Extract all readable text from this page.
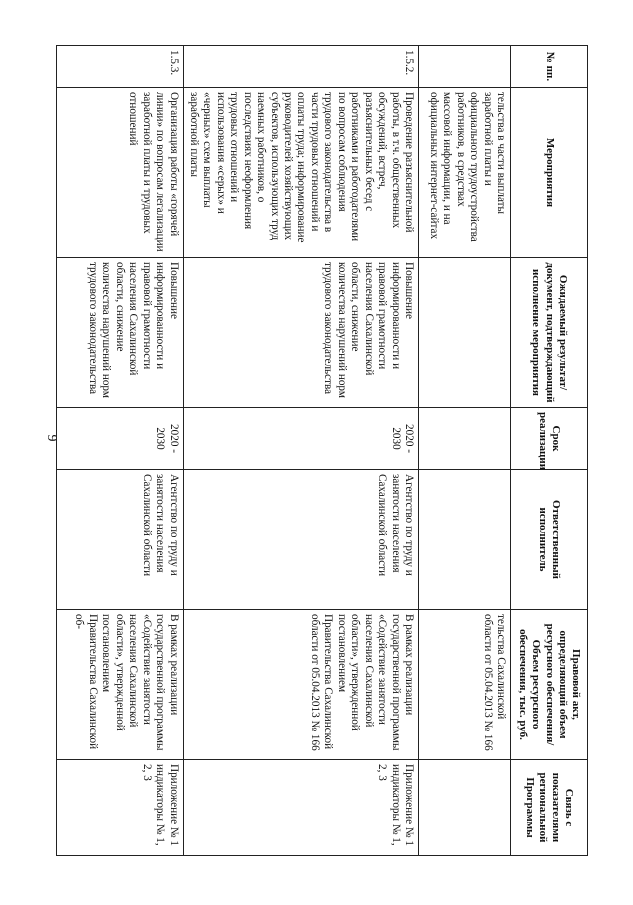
9
№ пп.	Мероприятия	Ожидаемый результат/документ, подтверждающий исполнение мероприятия	Срок реализации	Ответственный исполнитель	Правовой акт, определяющий объем ресурсного обеспечения/Объем ресурсного обеспечения, тыс. руб.	Связь с показателями региональной Программы
	тельства в части выплаты заработной платы и официального трудоустройства работников, в средствах массовой информации, и на официальных интернет-сайтах				тельства Сахалинской области от 05.04.2013 № 166	
1.5.2.	Проведение разъяснительной работы, в т.ч. общественных обсуждений, встреч, разъяснительных бесед с работниками и работодателями по вопросам соблюдения трудового законодательства в части трудовых отношений и оплаты труда; информирование руководителей хозяйствующих субъектов, использующих труд наемных работников, о последствиях неоформления трудовых отношений и использования «серых» и «черных» схем выплаты заработной платы	Повышение информированности и правовой грамотности населения Сахалинской области, снижение количества нарушений норм трудового законодательства	2020 - 2030	Агентство по труду и занятости населения Сахалинской области	В рамках реализации государственной программы «Содействие занятости населения Сахалинской области», утвержденной постановлением Правительства Сахалинской области от 05.04.2013 № 166	Приложение № 1 индикаторы № 1, 2, 3
1.5.3.	Организация работы «горячей линии» по вопросам легализации заработной платы и трудовых отношений	Повышение информированности и правовой грамотности населения Сахалинской области, снижение количества нарушений норм трудового законодательства	2020 - 2030	Агентство по труду и занятости населения Сахалинской области	В рамках реализации государственной программы «Содействие занятости населения Сахалинской области», утвержденной постановлением Правительства Сахалинской об-	Приложение № 1 индикаторы № 1, 2, 3
